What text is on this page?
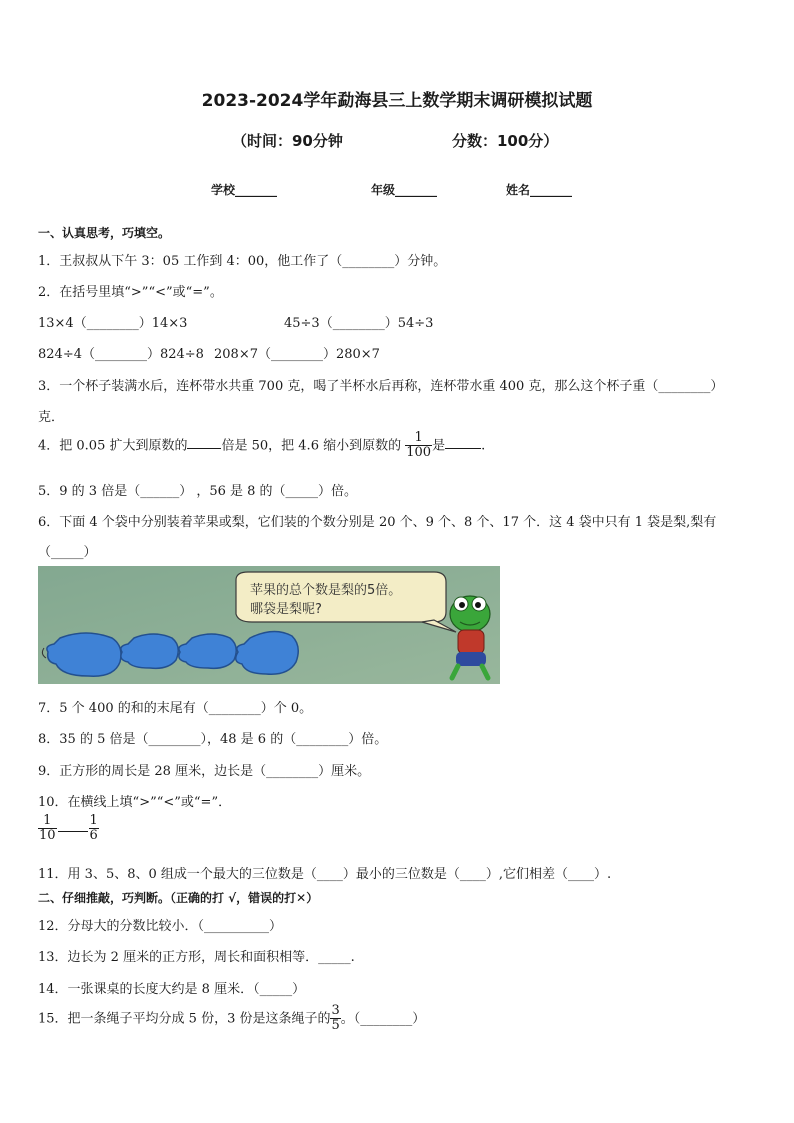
2023-2024学年勐海县三上数学期末调研模拟试题
（时间：90分钟	分数：100分）
学校_______	年级_______	姓名_______
一、认真思考，巧填空。
1．王叔叔从下午 3：05 工作到 4：00，他工作了（________）分钟。
2．在括号里填“>”“<”或“=”。
13×4（________）14×3	45÷3（________）54÷3
824÷4（________）824÷8 208×7（________）280×7
3．一个杯子装满水后，连杯带水共重 700 克，喝了半杯水后再称，连杯带水重 400 克，那么这个杯子重（________）
克．
4．把 0.05 扩大到原数的	倍是 50，把 4.6 缩小到原数的 $\frac{1}{100}$ 是	.
5．9 的 3 倍是（______） ，56 是 8 的（_____）倍。
6．下面 4 个袋中分别装着苹果或梨，它们装的个数分别是 20 个、9 个、8 个、17 个．这 4 袋中只有 1 袋是梨,梨有
（_____）
苹果的总个数是梨的5倍。
哪袋是梨呢?
7．5 个 400 的和的末尾有（________）个 0。
8．35 的 5 倍是（________），48 是 6 的（________）倍。
9．正方形的周长是 28 厘米，边长是（________）厘米。
10．在横线上填“>”“<”或“=”．
$\frac{1}{10} \frac{1}{6}$
11．用 3、5、8、0 组成一个最大的三位数是（____）最小的三位数是（____）,它们相差（____）.
二、仔细推敲，巧判断。（正确的打 √，错误的打✕）
12．分母大的分数比较小．（__________）
13．边长为 2 厘米的正方形，周长和面积相等．_____.
14．一张课桌的长度大约是 8 厘米．（_____）
15．把一条绳子平均分成 5 份，3 份是这条绳子的 $\frac{3}{5}$ 。（________）
